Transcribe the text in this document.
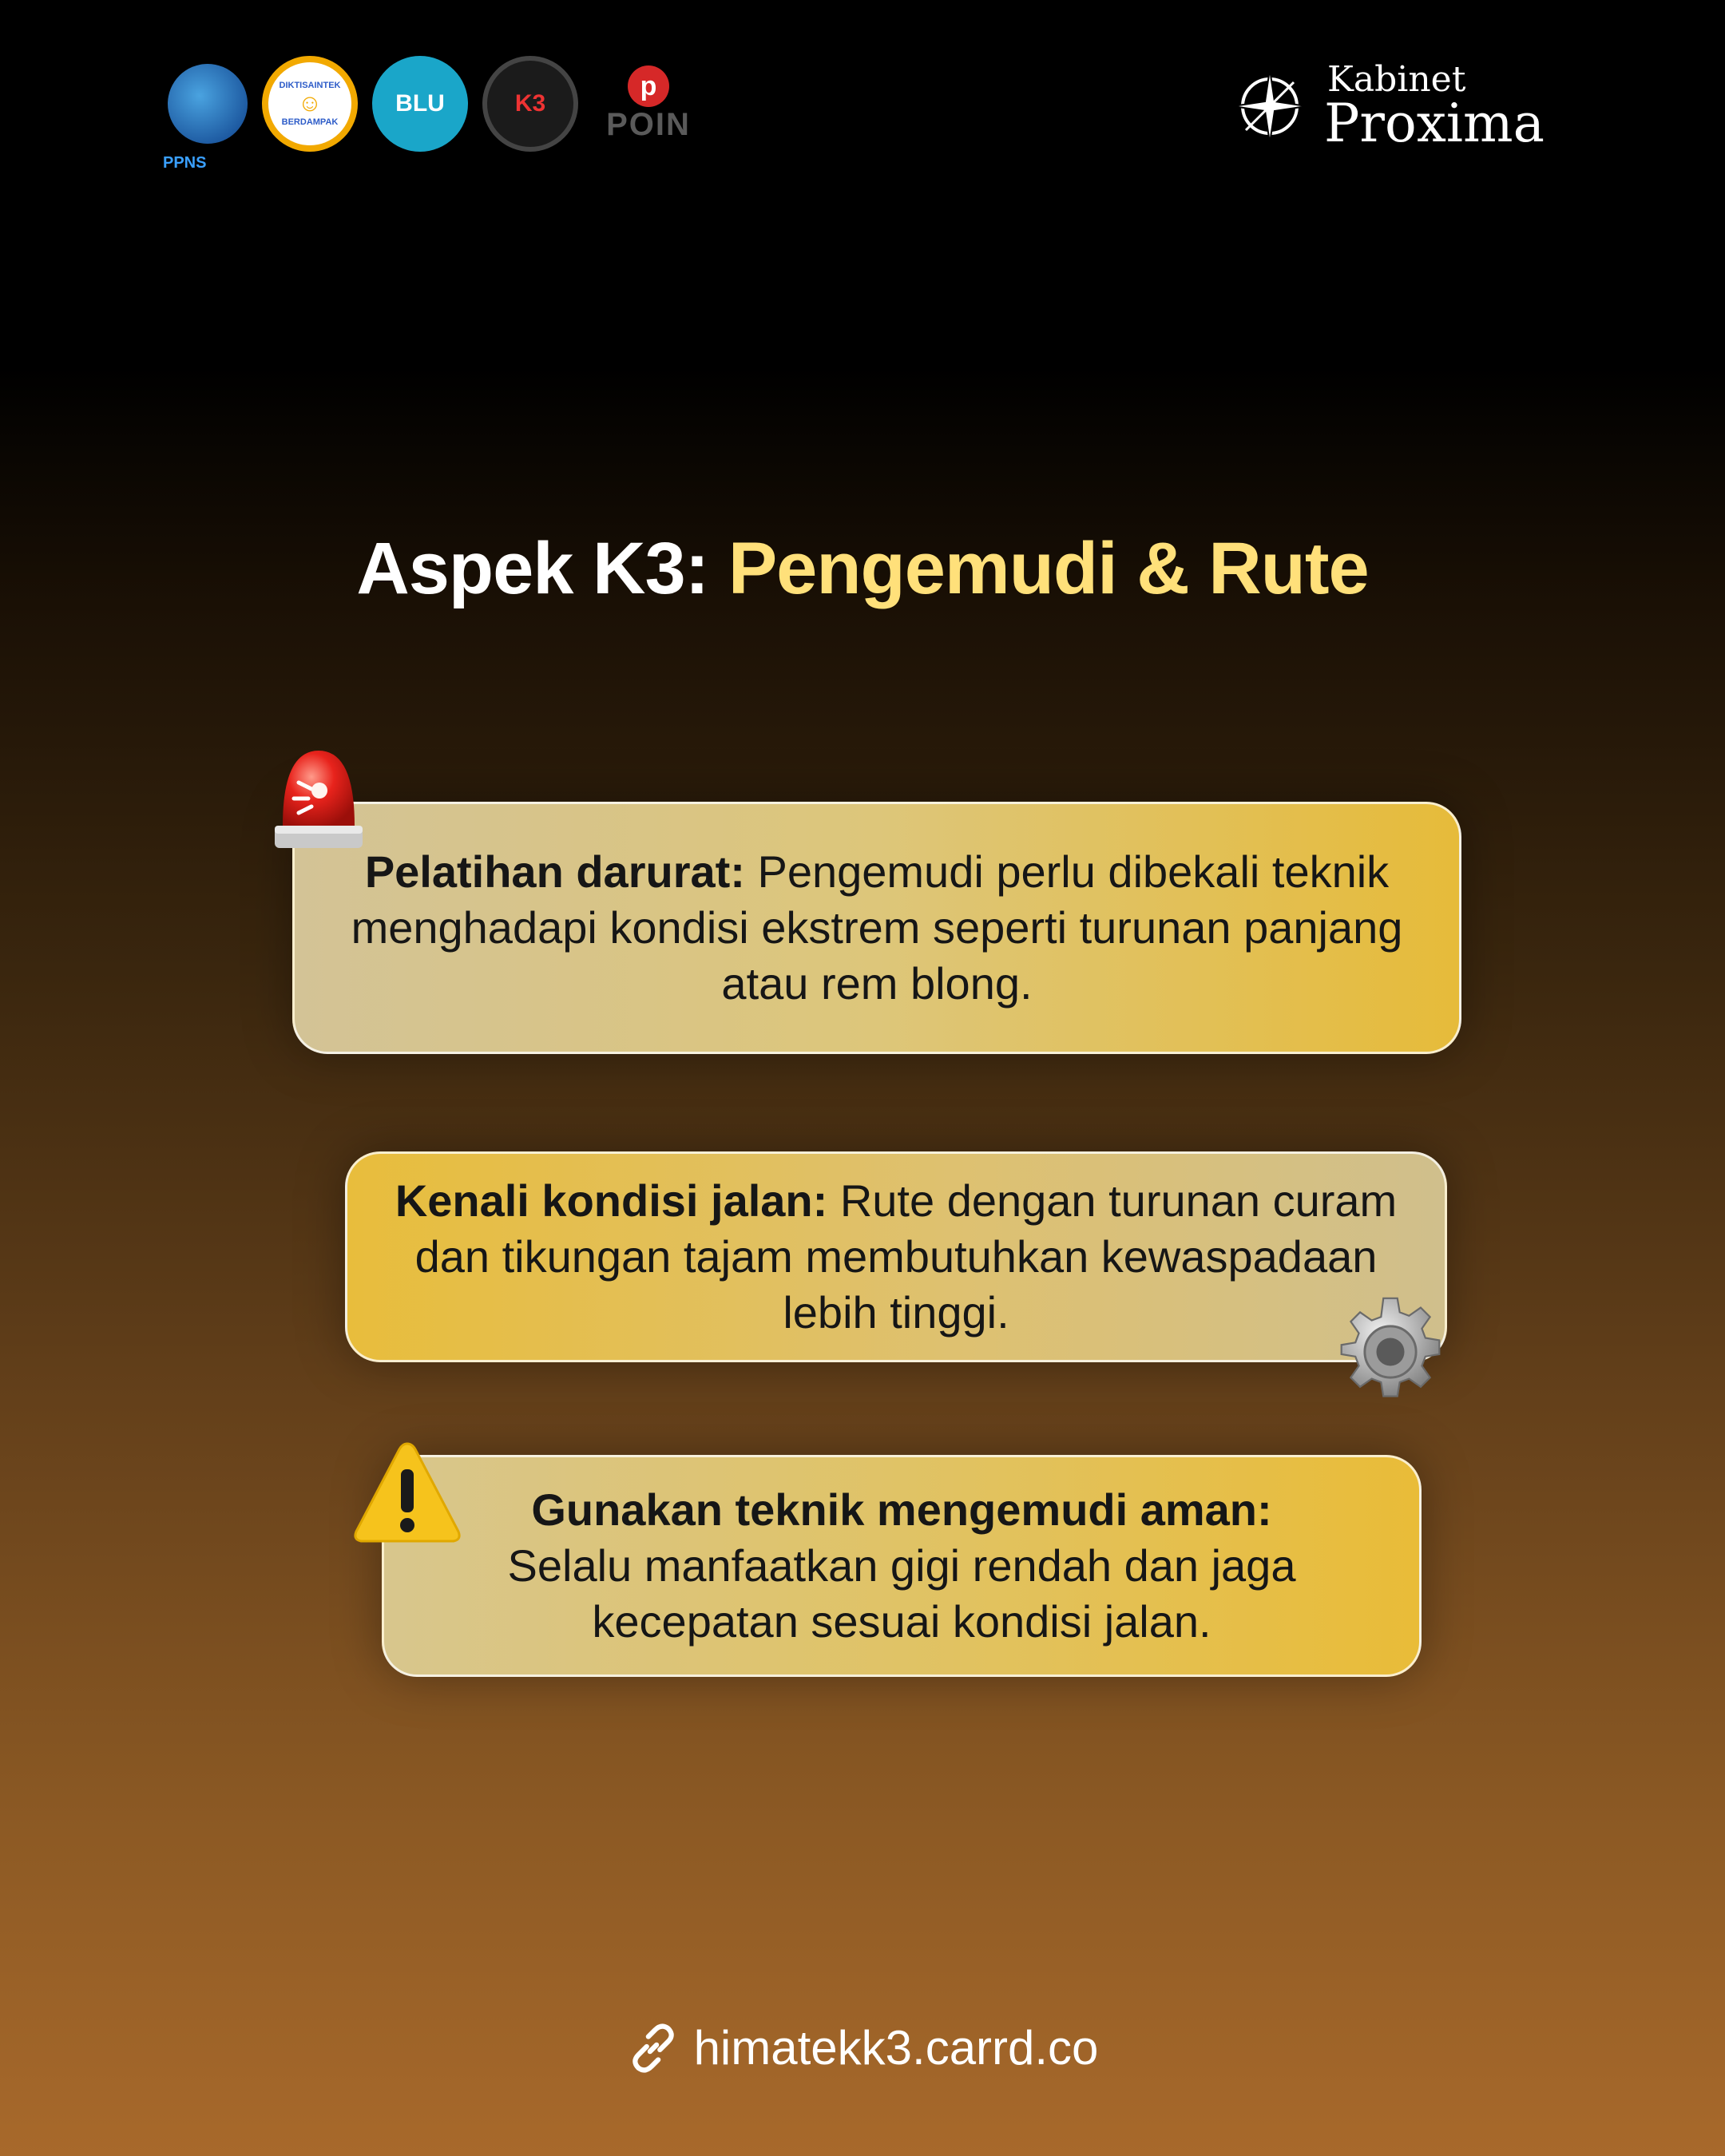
PPNS
DIKTISAINTEK
☺
BERDAMPAK
BLU	K3
p
POIN
Kabinet
Proxima
Aspek K3: Pengemudi & Rute
Pelatihan darurat: Pengemudi perlu dibekali teknik menghadapi kondisi ekstrem seperti turunan panjang atau rem blong.
Kenali kondisi jalan: Rute dengan turunan curam dan tikungan tajam membutuhkan kewaspadaan lebih tinggi.
Gunakan teknik mengemudi aman:
Selalu manfaatkan gigi rendah dan jaga kecepatan sesuai kondisi jalan.
himatekk3.carrd.co
